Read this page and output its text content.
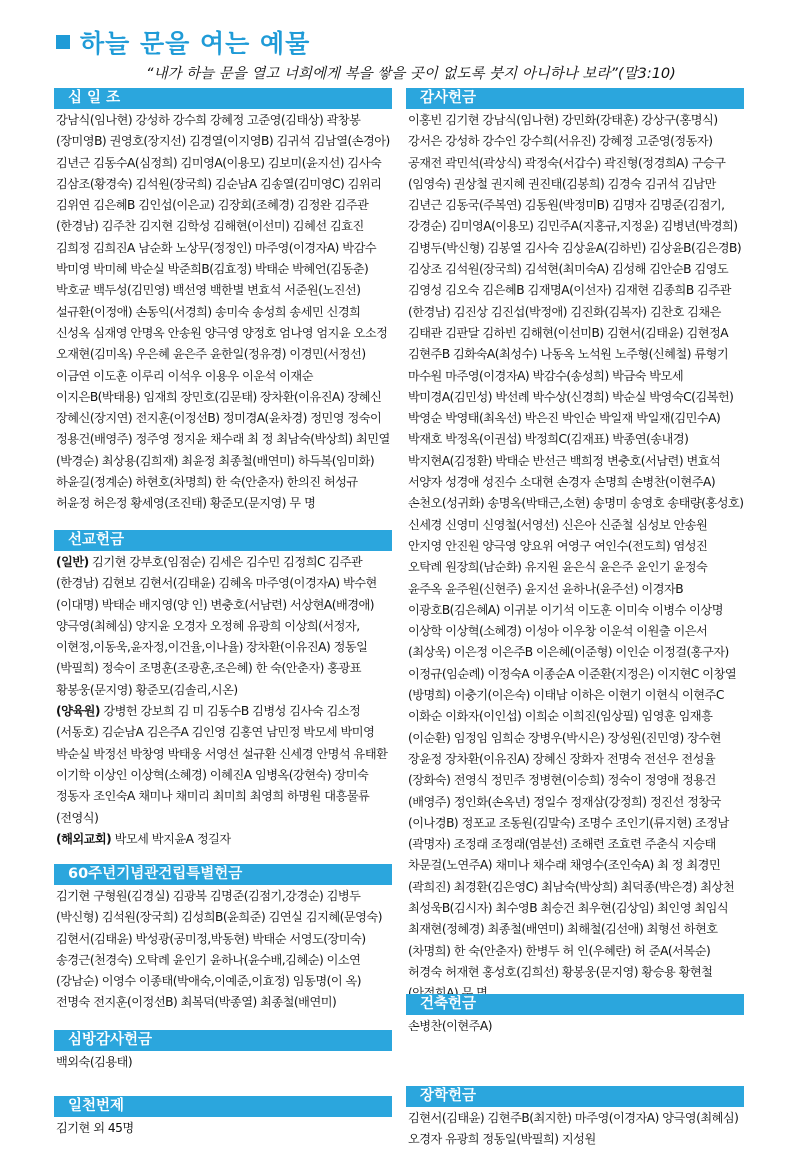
하늘 문을 여는 예물
“내가 하늘 문을 열고 너희에게 복을 쌓을 곳이 없도록 붓지 아니하나 보라”(말3:10)
십 일 조
강남식(임나현) 강성하 강수희 강혜정 고준영(김태상) 곽창봉(장미영B) 권영호(장지선) 김경열(이지영B) 김귀석 김남열(손경아) 김년근 김동수A(심정희) 김미영A(이용모) 김보미(윤지선) 김사숙 김삼조(황경숙) 김석원(장국희) 김순남A 김송열(김미영C) 김위리 김위연 김은혜B 김인섭(이은교) 김장회(조혜경) 김정완 김주관(한경남) 김주찬 김지현 김학성 김해현(이선미) 김혜선 김효진 김희정 김희진A 남순화 노상무(정정인) 마주영(이경자A) 박감수 박미영 박미혜 박순실 박준희B(김효정) 박태순 박혜언(김동춘) 박호균 백두성(김민영) 백선영 백한별 변효석 서준원(노진선) 설규환(이정애) 손동익(서경희) 송미숙 송성희 송세민 신경희 신성옥 심재영 안명옥 안송원 양극영 양정호 엄나영 엄지윤 오소정 오재현(김미옥) 우은혜 윤은주 윤한일(정유경) 이경민(서정선) 이금연 이도훈 이루리 이석우 이용우 이운석 이재순 이지은B(박태용) 임재희 장민호(김문태) 장차환(이유진A) 장혜신 장혜신(장지연) 전지훈(이정선B) 정미경A(윤차경) 정민영 정숙이 정용건(배영주) 정주영 정지윤 채수래 최 정 최남숙(박상희) 최민열(박경순) 최상용(김희재) 최윤정 최종철(배연미) 하득복(임미화) 하윤길(정계순) 하현호(차명희) 한 숙(안춘자) 한의진 허성규 허윤정 허은정 황세영(조진태) 황준모(문지영) 무 명
선교헌금

(일반) 김기현 강부호(임점순) 김세은 김수민 김정희C 김주관(한경남) 김현보 김현서(김태윤) 김혜옥 마주영(이경자A) 박수현(이대명) 박태순 배지영(양 인) 변충호(서남련) 서상현A(배경애) 양극영(최혜심) 양지윤 오경자 오정혜 유광희 이상희(서정자,이현정,이동욱,윤자정,이건율,이나율) 장차환(이유진A) 정동일(박필희) 정숙이 조명훈(조광훈,조은혜) 한 숙(안춘자) 홍광표 황봉웅(문지영) 황준모(김솔리,시온)

(양육원) 강병헌 강보희 김 미 김동수B 김병성 김사숙 김소정(서동호) 김순남A 김은주A 김인영 김홍연 남민정 박모세 박미영 박순실 박정선 박창영 박태웅 서영선 설규환 신세경 안명석 유태환 이기학 이상인 이상혁(소혜경) 이혜진A 임병옥(강현숙) 장미숙 정동자 조인숙A 채미나 채미리 최미희 최영희 하명원 대흥물류(전영식)

(해외교회) 박모세 박지윤A 정길자

60주년기념관건립특별헌금
김기현 구형원(김경실) 김광복 김명준(김점기,강경순) 김병두(박신형) 김석원(장국희) 김성희B(윤희준) 김연실 김지혜(문영숙) 김현서(김태윤) 박성광(공미정,박동현) 박태순 서영도(장미숙) 송경근(천경숙) 오탁례 윤인기 윤하나(윤수배,김혜순) 이소연(강남순) 이영수 이종태(박애숙,이예준,이효정) 임동명(이 옥) 전명숙 전지훈(이정선B) 최복덕(박종열) 최종철(배연미)
심방감사헌금
백외숙(김용태)
일천번제
김기현 외 45명
감사헌금
이홍빈 김기현 강남식(임나현) 강민화(강태훈) 강상구(홍명식) 강서은 강성하 강수인 강수희(서유진) 강혜정 고준영(정동자) 공재전 곽민석(곽상식) 곽정숙(서갑수) 곽진형(정경희A) 구승구(임영숙) 권상철 권지혜 권진태(김봉희) 김경숙 김귀석 김남만 김년근 김동국(주복연) 김동원(박정미B) 김명자 김명준(김점기,강경순) 김미영A(이용모) 김민주A(지홍규,지정윤) 김병년(박경희) 김병두(박신형) 김봉열 김사숙 김상윤A(김하빈) 김상윤B(김은경B) 김상조 김석원(장국희) 김석현(최미숙A) 김성해 김안순B 김영도 김영성 김오숙 김은혜B 김재명A(이선자) 김재현 김종희B 김주관(한경남) 김진상 김진섭(박정애) 김진화(김복자) 김찬호 김채은 김태관 김판달 김하빈 김해현(이선미B) 김현서(김태윤) 김현정A 김현주B 김화숙A(최성수) 나동옥 노석원 노주형(신혜철) 류형기 마수원 마주영(이경자A) 박감수(송성희) 박금숙 박모세 박미경A(김민성) 박선례 박수상(신경희) 박순실 박영숙C(김복헌) 박영순 박영태(최옥선) 박은진 박인순 박일재 박일재(김민수A) 박재호 박정옥(이권섭) 박정희C(김재표) 박종연(송내경) 박지현A(김정환) 박태순 반선근 백희정 변충호(서남련) 변효석 서양자 성경애 성진수 소대현 손경자 손명희 손병찬(이현주A) 손천오(성귀화) 송명옥(박태근,소현) 송명미 송영호 송태량(홍성호) 신세경 신영미 신영철(서영선) 신은아 신준철 심성보 안송원 안지영 안진원 양극영 양요위 여영구 여인수(전도희) 염성진 오탁례 원장희(남순화) 유지원 윤은식 윤은주 윤인기 윤정숙 윤주옥 윤주원(신현주) 윤지선 윤하나(윤주선) 이경자B 이광호B(김은혜A) 이귀분 이기석 이도훈 이미숙 이병수 이상명 이상학 이상혁(소혜경) 이성아 이우창 이운석 이원출 이은서(최상욱) 이은정 이은주B 이은혜(이준형) 이인순 이정걸(홍구자) 이정규(임순례) 이정숙A 이종순A 이준환(지정은) 이지현C 이창열(방명희) 이충기(이은숙) 이태남 이하은 이현기 이현식 이현주C 이화순 이화자(이인섭) 이희순 이희진(임상필) 임영훈 임재흥(이순환) 임정임 임희순 장병우(박시은) 장성원(진민영) 장수현 장윤정 장차환(이유진A) 장혜신 장화자 전명숙 전선우 전성율(장화숙) 전영식 정민주 정병현(이승희) 정숙이 정영애 정용건(배영주) 정인화(손옥년) 정일수 정재삼(강정희) 정진선 정창국(이나경B) 정포교 조동원(김말숙) 조명수 조인기(류지현) 조정남(곽명자) 조정래 조정래(염분선) 조해련 조효련 주춘식 지승태 차문걸(노연주A) 채미나 채수래 채영수(조인숙A) 최 정 최경민(곽희진) 최경환(김은영C) 최남숙(박상희) 최덕종(박은경) 최상천 최성욱B(김시자) 최수영B 최승건 최우현(김상임) 최인영 최임식 최재현(정혜경) 최종철(배연미) 최해철(김선애) 최형선 하현호(차명희) 한 숙(안춘자) 한병두 허 인(우혜란) 허 준A(서복순) 허경숙 허재현 홍성호(김희선) 황봉웅(문지영) 황승용 황현철
건축헌금
손병찬(이현주A)
장학헌금
김현서(김태윤) 김현주B(최지한) 마주영(이경자A) 양극영(최혜심) 오경자 유광희 정동일(박필희) 지성원
